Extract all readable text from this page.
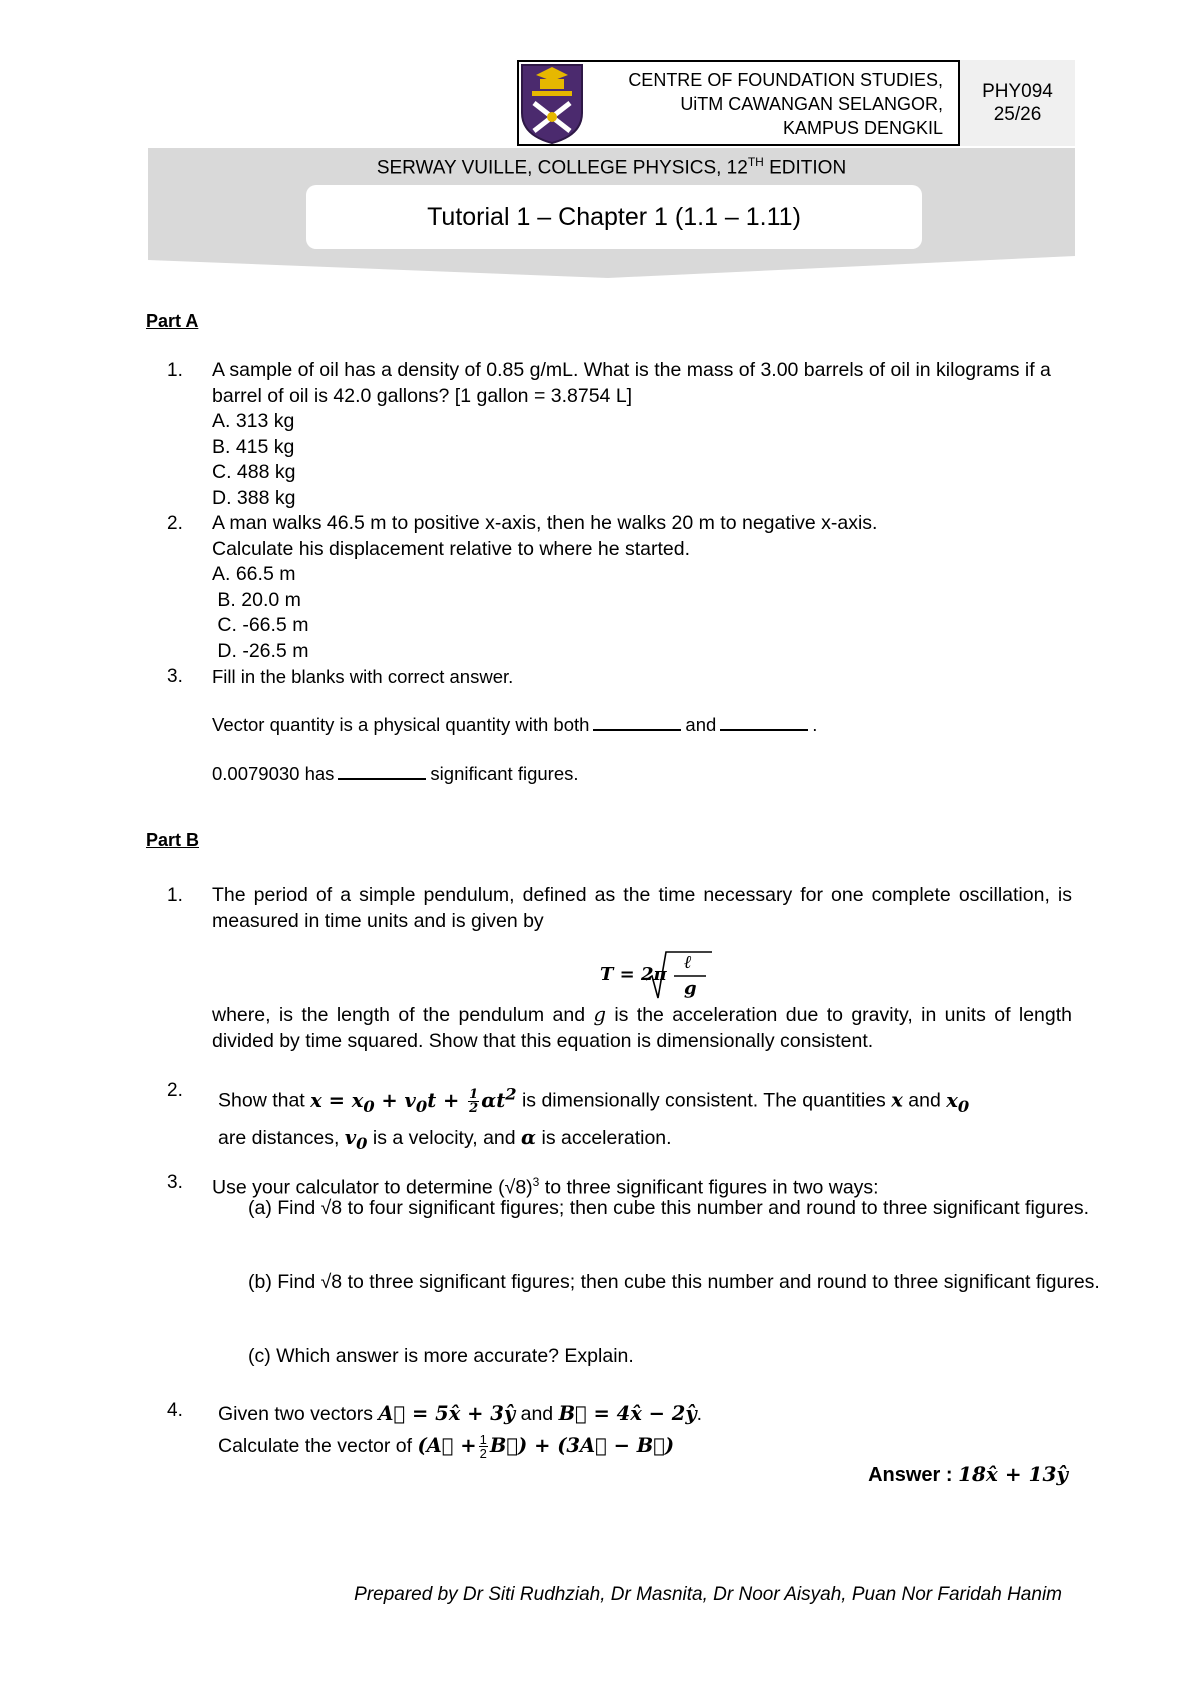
CENTRE OF FOUNDATION STUDIES,
UiTM CAWANGAN SELANGOR,
KAMPUS DENGKIL
PHY094
25/26
SERWAY VUILLE, COLLEGE PHYSICS, 12TH EDITION
Tutorial 1 – Chapter 1 (1.1 – 1.11)
Part A
1. A sample of oil has a density of 0.85 g/mL. What is the mass of 3.00 barrels of oil in kilograms if a barrel of oil is 42.0 gallons? [1 gallon = 3.8754 L]
A. 313 kg
B. 415 kg
C. 488 kg
D. 388 kg
2. A man walks 46.5 m to positive x-axis, then he walks 20 m to negative x-axis.
Calculate his displacement relative to where he started.
A. 66.5 m
B. 20.0 m
C. -66.5 m
D. -26.5 m
3. Fill in the blanks with correct answer.
Vector quantity is a physical quantity with both	and	.
0.0079030 has	significant figures.
Part B
1. The period of a simple pendulum, defined as the time necessary for one complete oscillation, is measured in time units and is given by
T = 2π
ℓ
g
where, is the length of the pendulum and g is the acceleration due to gravity, in units of length divided by time squared. Show that this equation is dimensionally consistent.
2. Show that $x = x_0 + v_0t + \frac{1}{2} \alpha t^2$ is dimensionally consistent. The quantities x and $x_0$
are distances, $v_0$ is a velocity, and α is acceleration.
3. Use your calculator to determine $(√8)^3$ to three significant figures in two ways:
(a) Find √8 to four significant figures; then cube this number and round to three significant figures.
(b) Find √8 to three significant figures; then cube this number and round to three significant figures.
(c) Which answer is more accurate? Explain.
4. Given two vectors A⃗ = 5x̂ + 3ŷ and B⃗ = 4x̂ − 2ŷ.
Calculate the vector of (A⃗ + $\frac{1}{2}$ B⃗) + (3A⃗ − B⃗)
Answer : 18x̂ + 13ŷ
Prepared by Dr Siti Rudhziah, Dr Masnita, Dr Noor Aisyah, Puan Nor Faridah Hanim
